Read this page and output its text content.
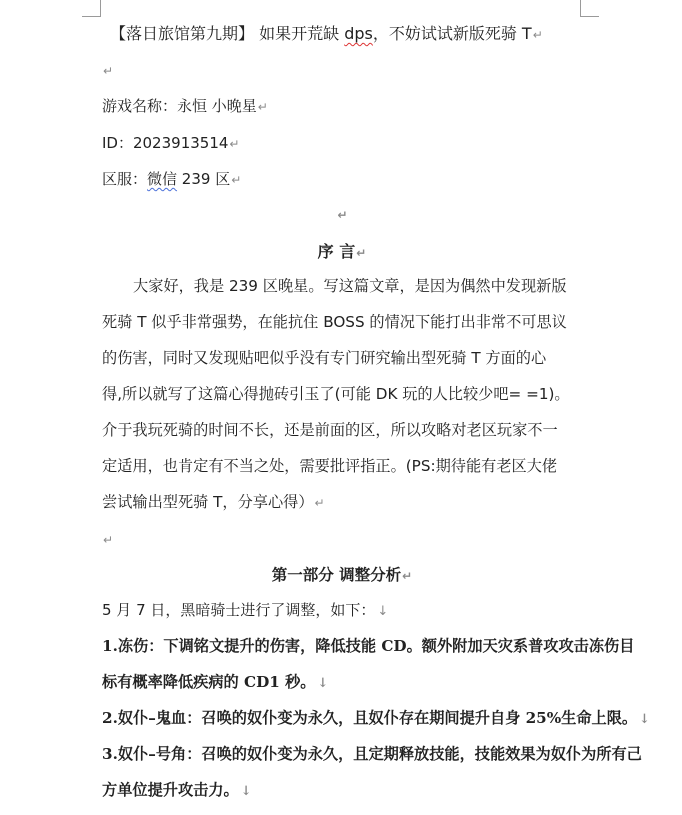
【落日旅馆第九期】 如果开荒缺 dps，不妨试试新版死骑 T↵
↵
游戏名称：永恒 小晚星↵
ID：2023913514↵
区服：微信 239 区↵
↵
序 言↵
大家好，我是 239 区晚星。写这篇文章，是因为偶然中发现新版
死骑 T 似乎非常强势，在能抗住 BOSS 的情况下能打出非常不可思议
的伤害，同时又发现贴吧似乎没有专门研究输出型死骑 T 方面的心
得,所以就写了这篇心得抛砖引玉了(可能 DK 玩的人比较少吧= =1)。
介于我玩死骑的时间不长，还是前面的区，所以攻略对老区玩家不一
定适用，也肯定有不当之处，需要批评指正。(PS:期待能有老区大佬
尝试输出型死骑 T，分享心得）↵
↵
第一部分 调整分析↵
5 月 7 日，黑暗骑士进行了调整，如下： ↓
1.冻伤：下调铭文提升的伤害，降低技能 CD。额外附加天灾系普攻攻击冻伤目
标有概率降低疾病的 CD1 秒。 ↓
2.奴仆–鬼血：召唤的奴仆变为永久，且奴仆存在期间提升自身 25%生命上限。 ↓
3.奴仆–号角：召唤的奴仆变为永久，且定期释放技能，技能效果为奴仆为所有己
方单位提升攻击力。 ↓
